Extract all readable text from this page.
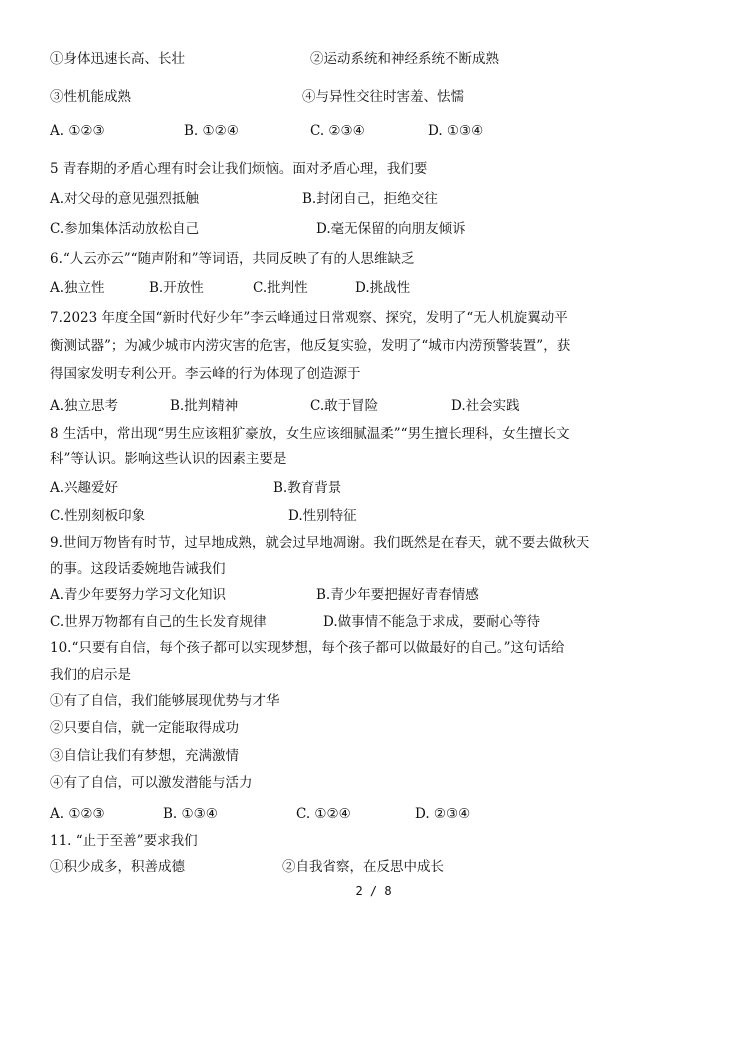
①身体迅速长高、长壮	②运动系统和神经系统不断成熟
③性机能成熟	④与异性交往时害羞、怯懦
A. ①②③	B. ①②④	C. ②③④	D. ①③④
5 青春期的矛盾心理有时会让我们烦恼。面对矛盾心理，我们要
A.对父母的意见强烈抵触	B.封闭自己，拒绝交往
C.参加集体活动放松自己	D.毫无保留的向朋友倾诉
6.“人云亦云”“随声附和”等词语，共同反映了有的人思维缺乏
A.独立性	B.开放性	C.批判性	D.挑战性
7.2023 年度全国“新时代好少年”李云峰通过日常观察、探究，发明了“无人机旋翼动平
衡测试器”；为减少城市内涝灾害的危害，他反复实验，发明了“城市内涝预警装置”，获
得国家发明专利公开。李云峰的行为体现了创造源于
A.独立思考	B.批判精神	C.敢于冒险	D.社会实践
8 生活中，常出现“男生应该粗犷豪放，女生应该细腻温柔”“男生擅长理科，女生擅长文
科”等认识。影响这些认识的因素主要是
A.兴趣爱好	B.教育背景
C.性别刻板印象	D.性别特征
9.世间万物皆有时节，过早地成熟，就会过早地凋谢。我们既然是在春天，就不要去做秋天
的事。这段话委婉地告诫我们
A.青少年要努力学习文化知识	B.青少年要把握好青春情感
C.世界万物都有自己的生长发育规律	D.做事情不能急于求成，要耐心等待
10.“只要有自信，每个孩子都可以实现梦想，每个孩子都可以做最好的自己。”这句话给
我们的启示是
①有了自信，我们能够展现优势与才华
②只要自信，就一定能取得成功
③自信让我们有梦想，充满激情
④有了自信，可以激发潜能与活力
A. ①②③	B. ①③④	C. ①②④	D. ②③④
11. “止于至善”要求我们
①积少成多，积善成德	②自我省察，在反思中成长
2 / 8
